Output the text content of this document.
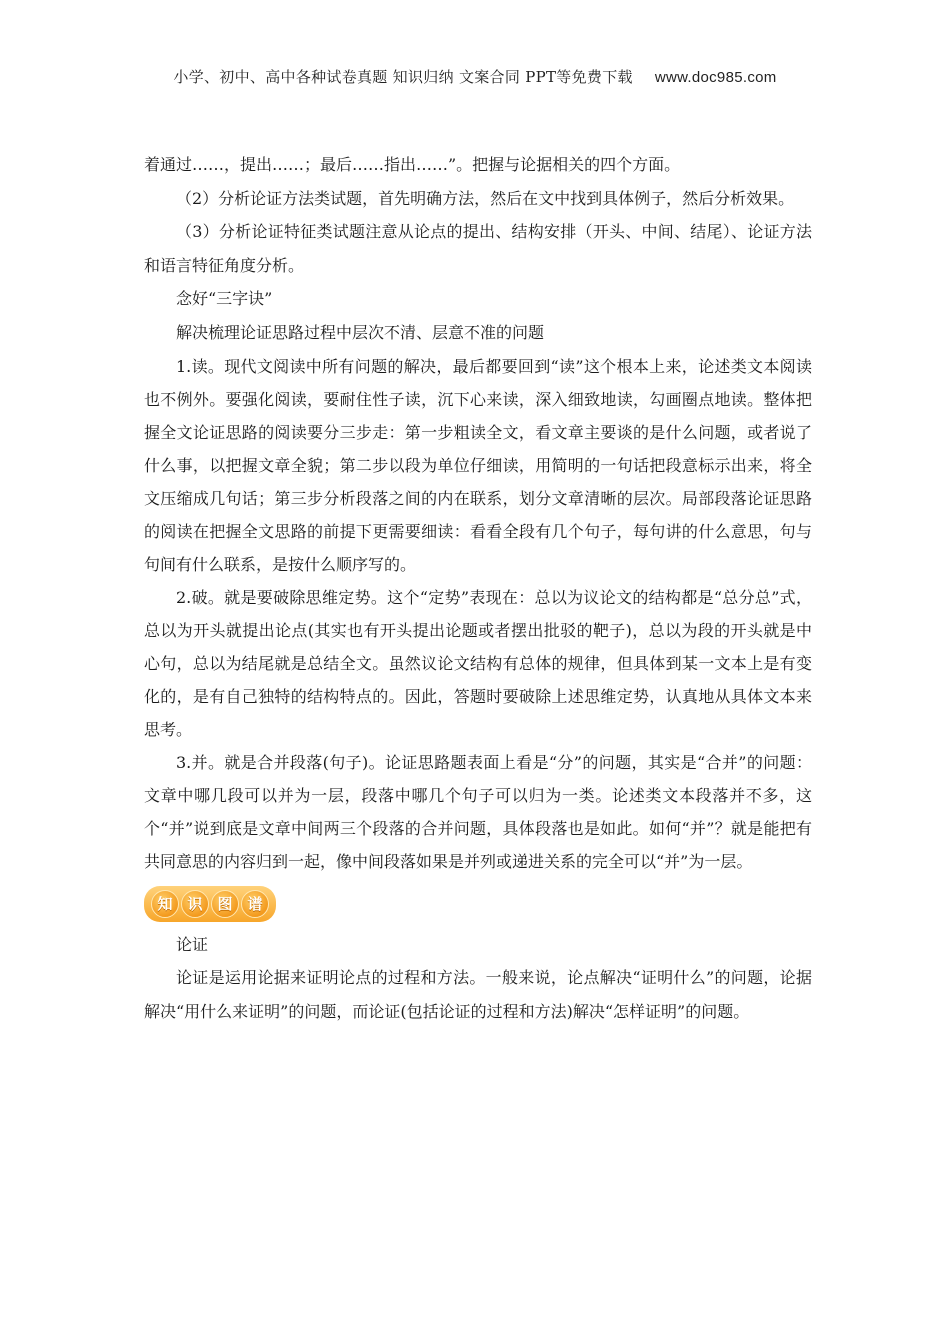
小学、初中、高中各种试卷真题 知识归纳 文案合同 PPT等免费下载 www.doc985.com

着通过……，提出……；最后……指出……”。把握与论据相关的四个方面。

（2）分析论证方法类试题，首先明确方法，然后在文中找到具体例子，然后分析效果。

（3）分析论证特征类试题注意从论点的提出、结构安排（开头、中间、结尾）、论证方法和语言特征角度分析。

念好“三字诀”

解决梳理论证思路过程中层次不清、层意不准的问题

1.读。现代文阅读中所有问题的解决，最后都要回到“读”这个根本上来，论述类文本阅读也不例外。要强化阅读，要耐住性子读，沉下心来读，深入细致地读，勾画圈点地读。整体把握全文论证思路的阅读要分三步走：第一步粗读全文，看文章主要谈的是什么问题，或者说了什么事，以把握文章全貌；第二步以段为单位仔细读，用简明的一句话把段意标示出来，将全文压缩成几句话；第三步分析段落之间的内在联系，划分文章清晰的层次。局部段落论证思路的阅读在把握全文思路的前提下更需要细读：看看全段有几个句子，每句讲的什么意思，句与句间有什么联系，是按什么顺序写的。

2.破。就是要破除思维定势。这个“定势”表现在：总以为议论文的结构都是“总分总”式，总以为开头就提出论点(其实也有开头提出论题或者摆出批驳的靶子)，总以为段的开头就是中心句，总以为结尾就是总结全文。虽然议论文结构有总体的规律，但具体到某一文本上是有变化的，是有自己独特的结构特点的。因此，答题时要破除上述思维定势，认真地从具体文本来思考。

3.并。就是合并段落(句子)。论证思路题表面上看是“分”的问题，其实是“合并”的问题：文章中哪几段可以并为一层，段落中哪几个句子可以归为一类。论述类文本段落并不多，这个“并”说到底是文章中间两三个段落的合并问题，具体段落也是如此。如何“并”？就是能把有共同意思的内容归到一起，像中间段落如果是并列或递进关系的完全可以“并”为一层。

知 识 图 谱

论证

论证是运用论据来证明论点的过程和方法。一般来说，论点解决“证明什么”的问题，论据解决“用什么来证明”的问题，而论证(包括论证的过程和方法)解决“怎样证明”的问题。
